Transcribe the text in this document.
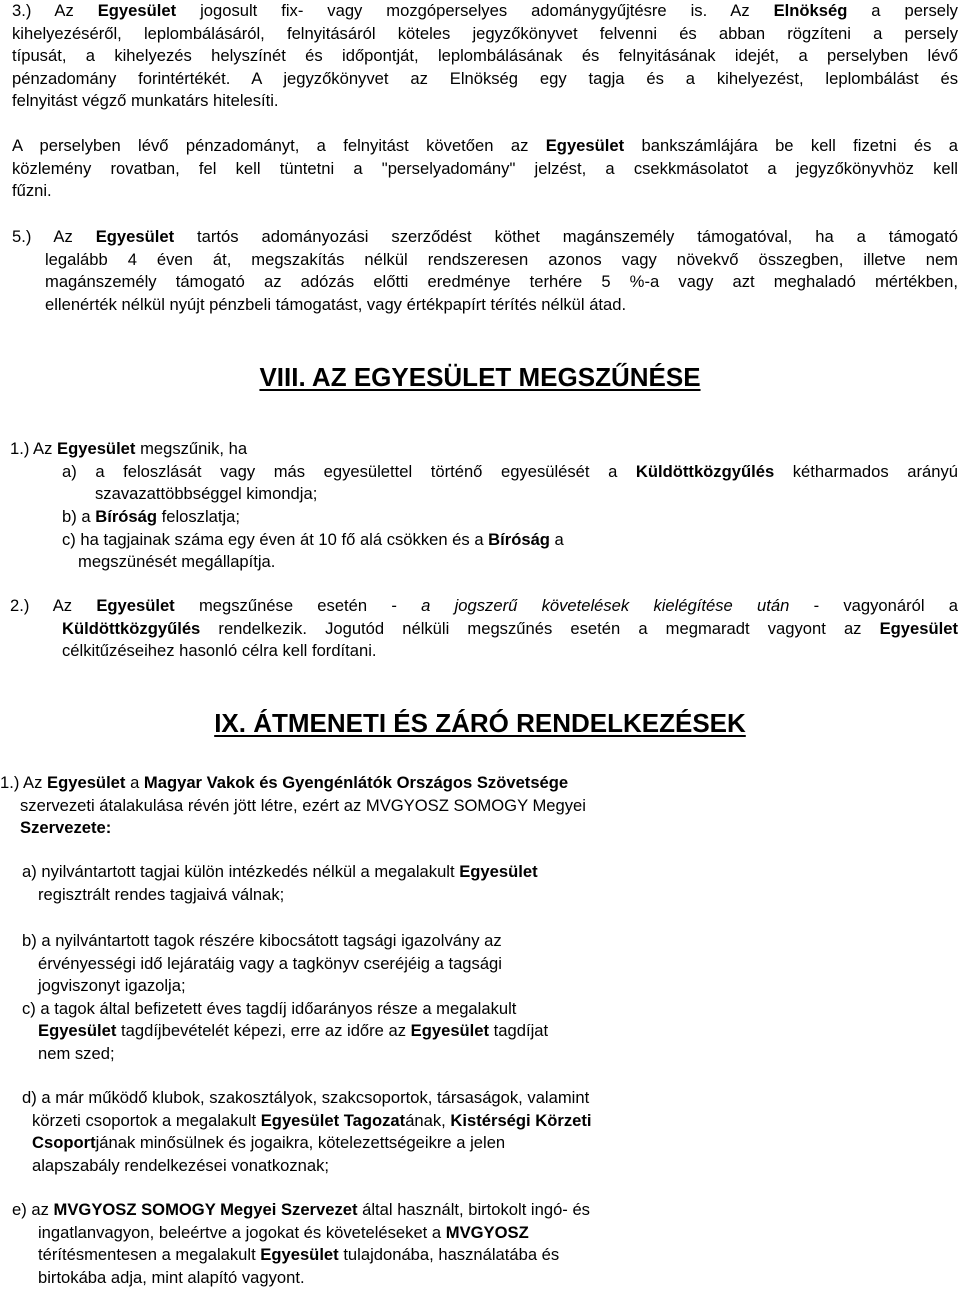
3.) Az Egyesület jogosult fix- vagy mozgóperselyes adománygyűjtésre is. Az Elnökség a persely
kihelyezéséről, leplombálásáról, felnyitásáról köteles jegyzőkönyvet felvenni és abban rögzíteni a persely
típusát, a kihelyezés helyszínét és időpontját, leplombálásának és felnyitásának idejét, a perselyben lévő
pénzadomány forintértékét. A jegyzőkönyvet az Elnökség egy tagja és a kihelyezést, leplombálást és
felnyitást végző munkatárs hitelesíti.
A perselyben lévő pénzadományt, a felnyitást követően az Egyesület bankszámlájára be kell fizetni és a
közlemény rovatban, fel kell tüntetni a "perselyadomány" jelzést, a csekkmásolatot a jegyzőkönyvhöz kell
fűzni.
5.) Az Egyesület tartós adományozási szerződést köthet magánszemély támogatóval, ha a támogató
legalább 4 éven át, megszakítás nélkül rendszeresen azonos vagy növekvő összegben, illetve nem
magánszemély támogató az adózás előtti eredménye terhére 5 %-a vagy azt meghaladó mértékben,
ellenérték nélkül nyújt pénzbeli támogatást, vagy értékpapírt térítés nélkül átad.
VIII. AZ EGYESÜLET MEGSZŰNÉSE
1.) Az Egyesület megszűnik, ha
a) a feloszlását vagy más egyesülettel történő egyesülését a Küldöttközgyűlés kétharmados arányú
szavazattöbbséggel kimondja;
b) a Bíróság feloszlatja;
c) ha tagjainak száma egy éven át 10 fő alá csökken és a Bíróság a
megszünését megállapítja.
2.) Az Egyesület megszűnése esetén - a jogszerű követelések kielégítése után - vagyonáról a
Küldöttközgyűlés rendelkezik. Jogutód nélküli megszűnés esetén a megmaradt vagyont az Egyesület
célkitűzéseihez hasonló célra kell fordítani.
IX. ÁTMENETI ÉS ZÁRÓ RENDELKEZÉSEK
1.) Az Egyesület a Magyar Vakok és Gyengénlátók Országos Szövetsége
szervezeti átalakulása révén jött létre, ezért az MVGYOSZ SOMOGY Megyei
Szervezete:
a) nyilvántartott tagjai külön intézkedés nélkül a megalakult Egyesület
regisztrált rendes tagjaivá válnak;
b) a nyilvántartott tagok részére kibocsátott tagsági igazolvány az
érvényességi idő lejáratáig vagy a tagkönyv cseréjéig a tagsági
jogviszonyt igazolja;
c) a tagok által befizetett éves tagdíj időarányos része a megalakult
Egyesület tagdíjbevételét képezi, erre az időre az Egyesület tagdíjat
nem szed;
d) a már működő klubok, szakosztályok, szakcsoportok, társaságok, valamint
körzeti csoportok a megalakult Egyesület Tagozatának, Kistérségi Körzeti
Csoportjának minősülnek és jogaikra, kötelezettségeikre a jelen
alapszabály rendelkezései vonatkoznak;
e) az MVGYOSZ SOMOGY Megyei Szervezet által használt, birtokolt ingó- és
ingatlanvagyon, beleértve a jogokat és követeléseket a MVGYOSZ
térítésmentesen a megalakult Egyesület tulajdonába, használatába és
birtokába adja, mint alapító vagyont.
